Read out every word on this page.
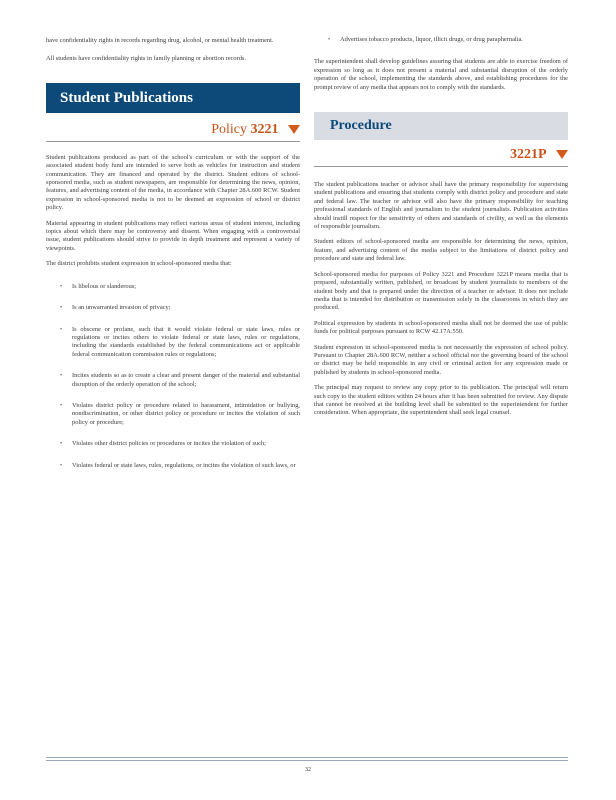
have confidentiality rights in records regarding drug, alcohol, or mental health treatment.

All students have confidentiality rights in family planning or abortion records.

Student Publications
Policy 3221

Student publications produced as part of the school's curriculum or with the support of the associated student body fund are intended to serve both as vehicles for instruction and student communication. They are financed and operated by the district. Student editors of school-sponsored media, such as student newspapers, are responsible for determining the news, opinion, features, and advertising content of the media, in accordance with Chapter 28A.600 RCW. Student expression in school-sponsored media is not to be deemed an expression of school or district policy.

Material appearing in student publications may reflect various areas of student interest, including topics about which there may be controversy and dissent. When engaging with a controversial issue, student publications should strive to provide in depth treatment and represent a variety of viewpoints.

The district prohibits student expression in school-sponsored media that:

• Is libelous or slanderous;

• Is an unwarranted invasion of privacy;

• Is obscene or profane, such that it would violate federal or state laws, rules or regulations or incites others to violate federal or state laws, rules or regulations, including the standards established by the federal communications act or applicable federal communication commission rules or regulations;

• Incites students so as to create a clear and present danger of the material and substantial disruption of the orderly operation of the school;

• Violates district policy or procedure related to harassment, intimidation or bullying, nondiscrimination, or other district policy or procedure or incites the violation of such policy or procedure;

• Violates other district policies or procedures or incites the violation of such;

• Violates federal or state laws, rules, regulations, or incites the violation of such laws, or

• Advertises tobacco products, liquor, illicit drugs, or drug paraphernalia.

The superintendent shall develop guidelines assuring that students are able to exercise freedom of expression so long as it does not present a material and substantial disruption of the orderly operation of the school, implementing the standards above, and establishing procedures for the prompt review of any media that appears not to comply with the standards.

Procedure
3221P

The student publications teacher or advisor shall have the primary responsibility for supervising student publications and ensuring that students comply with district policy and procedure and state and federal law. The teacher or advisor will also have the primary responsibility for teaching professional standards of English and journalism to the student journalists. Publication activities should instill respect for the sensitivity of others and standards of civility, as well as the elements of responsible journalism.

Student editors of school-sponsored media are responsible for determining the news, opinion, feature, and advertising content of the media subject to the limitations of district policy and procedure and state and federal law.

School-sponsored media for purposes of Policy 3221 and Procedure 3221P means media that is prepared, substantially written, published, or broadcast by student journalists to members of the student body and that is prepared under the direction of a teacher or advisor. It does not include media that is intended for distribution or transmission solely in the classrooms in which they are produced.

Political expression by students in school-sponsored media shall not be deemed the use of public funds for political purposes pursuant to RCW 42.17A.550.

Student expression in school-sponsored media is not necessarily the expression of school policy. Pursuant to Chapter 28A.600 RCW, neither a school official nor the governing board of the school or district may be held responsible in any civil or criminal action for any expression made or published by students in school-sponsored media.

The principal may request to review any copy prior to its publication. The principal will return such copy to the student editors within 24 hours after it has been submitted for review. Any dispute that cannot be resolved at the building level shall be submitted to the superintendent for further consideration. When appropriate, the superintendent shall seek legal counsel.

32
